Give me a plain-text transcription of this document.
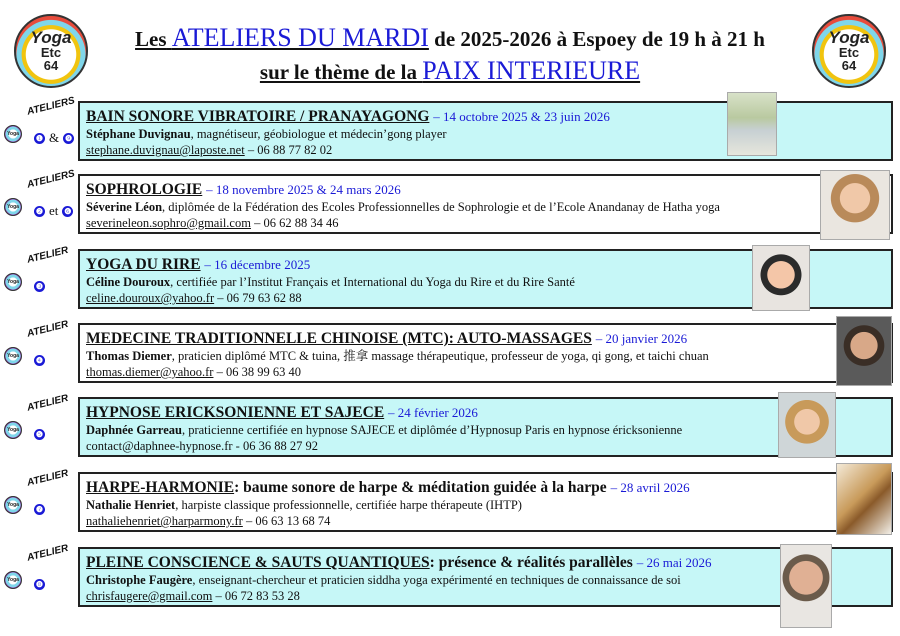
Yoga
Etc
64
Yoga
Etc
64
Les ATELIERS DU MARDI de 2025-2026 à Espoey de 19 h à 21 h
sur le thème de la PAIX INTERIEURE
Yoga
ATELIERS
❶ & ❾
BAIN SONORE VIBRATOIRE / PRANAYAGONG – 14 octobre 2025 & 23 juin 2026
Stéphane Duvignau, magnétiseur, géobiologue et médecin’gong player
stephane.duvignau@laposte.net – 06 88 77 82 02
Yoga
ATELIERS
❷ et ❻
SOPHROLOGIE – 18 novembre 2025 & 24 mars 2026
Séverine Léon, diplômée de la Fédération des Ecoles Professionnelles de Sophrologie et de l’Ecole Anandanay de Hatha yoga
severineleon.sophro@gmail.com – 06 62 88 34 46
Yoga
ATELIER
❸
YOGA DU RIRE – 16 décembre 2025
Céline Douroux, certifiée par l’Institut Français et International du Yoga du Rire et du Rire Santé
celine.douroux@yahoo.fr – 06 79 63 62 88
Yoga
ATELIER
❹
MEDECINE TRADITIONNELLE CHINOISE (MTC): AUTO-MASSAGES – 20 janvier 2026
Thomas Diemer, praticien diplômé MTC & tuina, 推拿 massage thérapeutique, professeur de yoga, qi gong, et taichi chuan
thomas.diemer@yahoo.fr – 06 38 99 63 40
Yoga
ATELIER
❺
HYPNOSE ERICKSONIENNE ET SAJECE – 24 février 2026
Daphnée Garreau, praticienne certifiée en hypnose SAJECE et diplômée d’Hypnosup Paris en hypnose éricksonienne
contact@daphnee-hypnose.fr - 06 36 88 27 92
Yoga
ATELIER
❼
HARPE-HARMONIE: baume sonore de harpe & méditation guidée à la harpe – 28 avril 2026
Nathalie Henriet, harpiste classique professionnelle, certifiée harpe thérapeute (IHTP)
nathaliehenriet@harparmony.fr – 06 63 13 68 74
Yoga
ATELIER
❽
PLEINE CONSCIENCE & SAUTS QUANTIQUES: présence & réalités parallèles – 26 mai 2026
Christophe Faugère, enseignant-chercheur et praticien siddha yoga expérimenté en techniques de connaissance de soi
chrisfaugere@gmail.com – 06 72 83 53 28
